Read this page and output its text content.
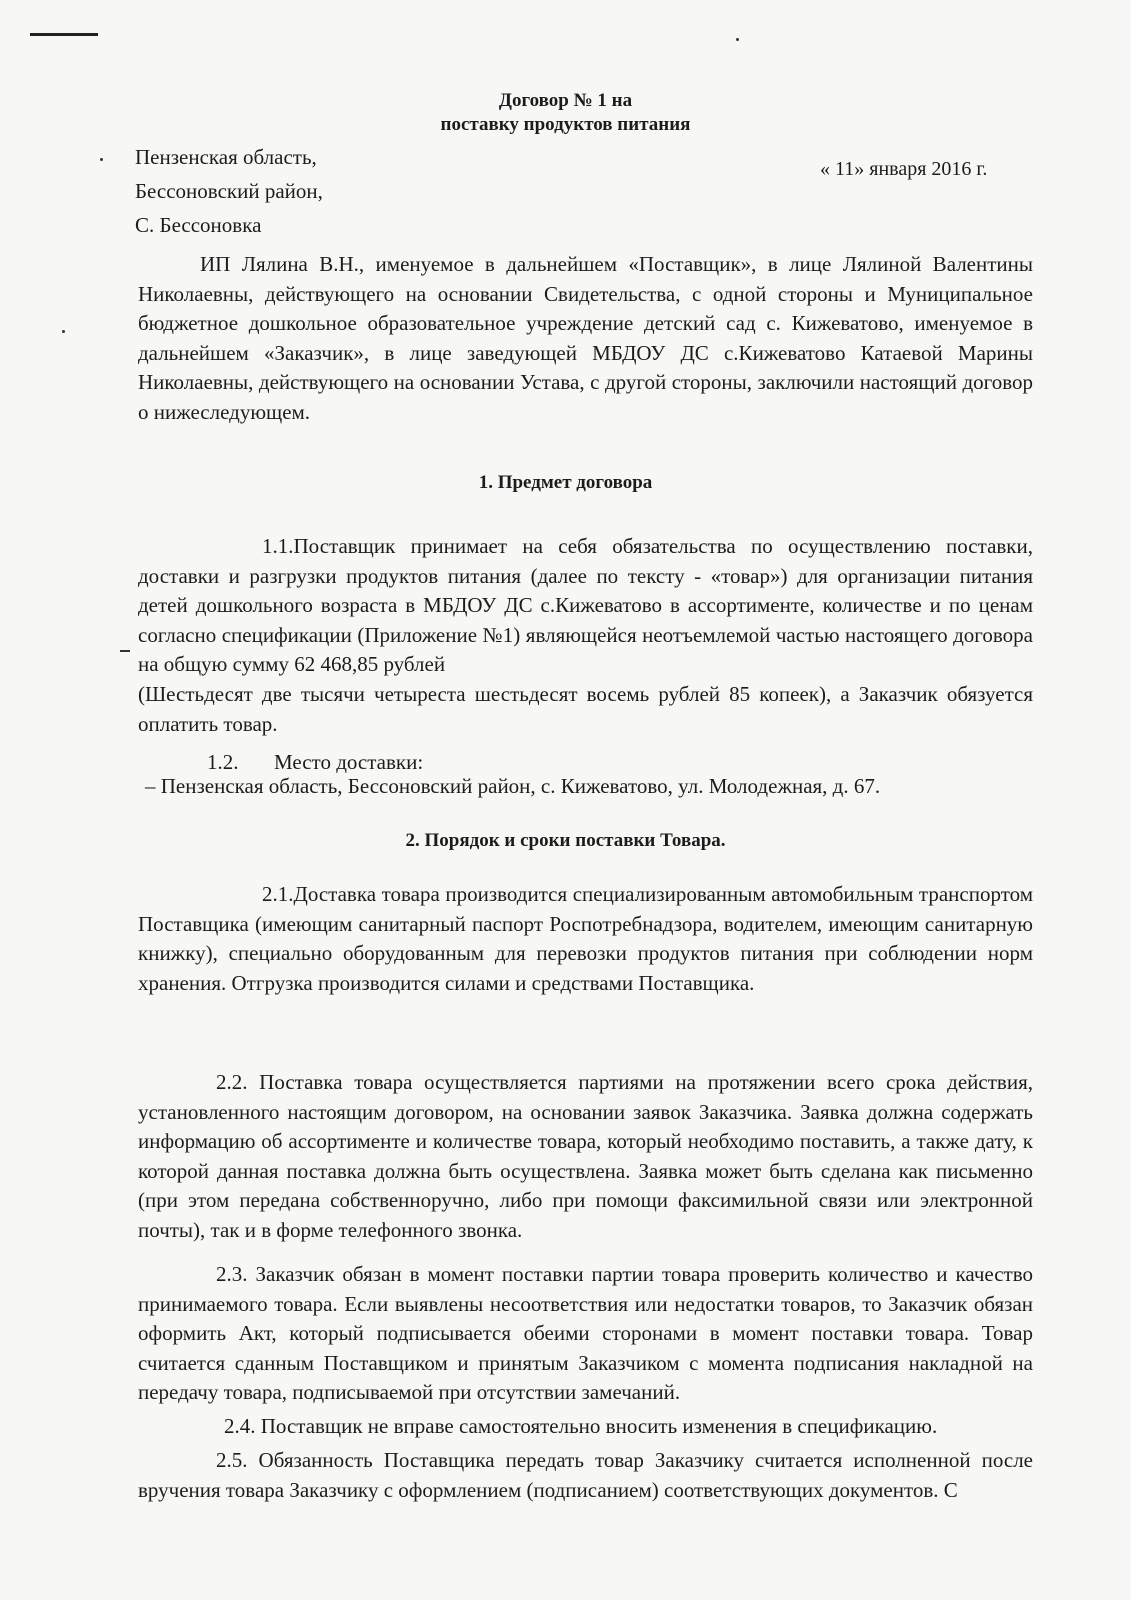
Договор № 1 на
поставку продуктов питания
Пензенская область,
Бессоновский район,
С. Бессоновка
« 11» января 2016 г.
ИП Лялина В.Н., именуемое в дальнейшем «Поставщик», в лице Лялиной Валентины Николаевны, действующего на основании Свидетельства, с одной стороны и Муниципальное бюджетное дошкольное образовательное учреждение детский сад с. Кижеватово, именуемое в дальнейшем «Заказчик», в лице заведующей МБДОУ ДС с.Кижеватово Катаевой Марины Николаевны, действующего на основании Устава, с другой стороны, заключили настоящий договор о нижеследующем.
1. Предмет договора
1.1.Поставщик принимает на себя обязательства по осуществлению поставки, доставки и разгрузки продуктов питания (далее по тексту - «товар») для организации питания детей дошкольного возраста в МБДОУ ДС с.Кижеватово в ассортименте, количестве и по ценам согласно спецификации (Приложение №1) являющейся неотъемлемой частью настоящего договора на общую сумму 62 468,85 рублей
(Шестьдесят две тысячи четыреста шестьдесят восемь рублей 85 копеек), а Заказчик обязуется оплатить товар.
1.2. Место доставки:
– Пензенская область, Бессоновский район, с. Кижеватово, ул. Молодежная, д. 67.
2. Порядок и сроки поставки Товара.
2.1.Доставка товара производится специализированным автомобильным транспортом Поставщика (имеющим санитарный паспорт Роспотребнадзора, водителем, имеющим санитарную книжку), специально оборудованным для перевозки продуктов питания при соблюдении норм хранения. Отгрузка производится силами и средствами Поставщика.
2.2. Поставка товара осуществляется партиями на протяжении всего срока действия, установленного настоящим договором, на основании заявок Заказчика. Заявка должна содержать информацию об ассортименте и количестве товара, который необходимо поставить, а также дату, к которой данная поставка должна быть осуществлена. Заявка может быть сделана как письменно (при этом передана собственноручно, либо при помощи факсимильной связи или электронной почты), так и в форме телефонного звонка.
2.3. Заказчик обязан в момент поставки партии товара проверить количество и качество принимаемого товара. Если выявлены несоответствия или недостатки товаров, то Заказчик обязан оформить Акт, который подписывается обеими сторонами в момент поставки товара. Товар считается сданным Поставщиком и принятым Заказчиком с момента подписания накладной на передачу товара, подписываемой при отсутствии замечаний.
2.4. Поставщик не вправе самостоятельно вносить изменения в спецификацию.
2.5. Обязанность Поставщика передать товар Заказчику считается исполненной после вручения товара Заказчику с оформлением (подписанием) соответствующих документов. С
